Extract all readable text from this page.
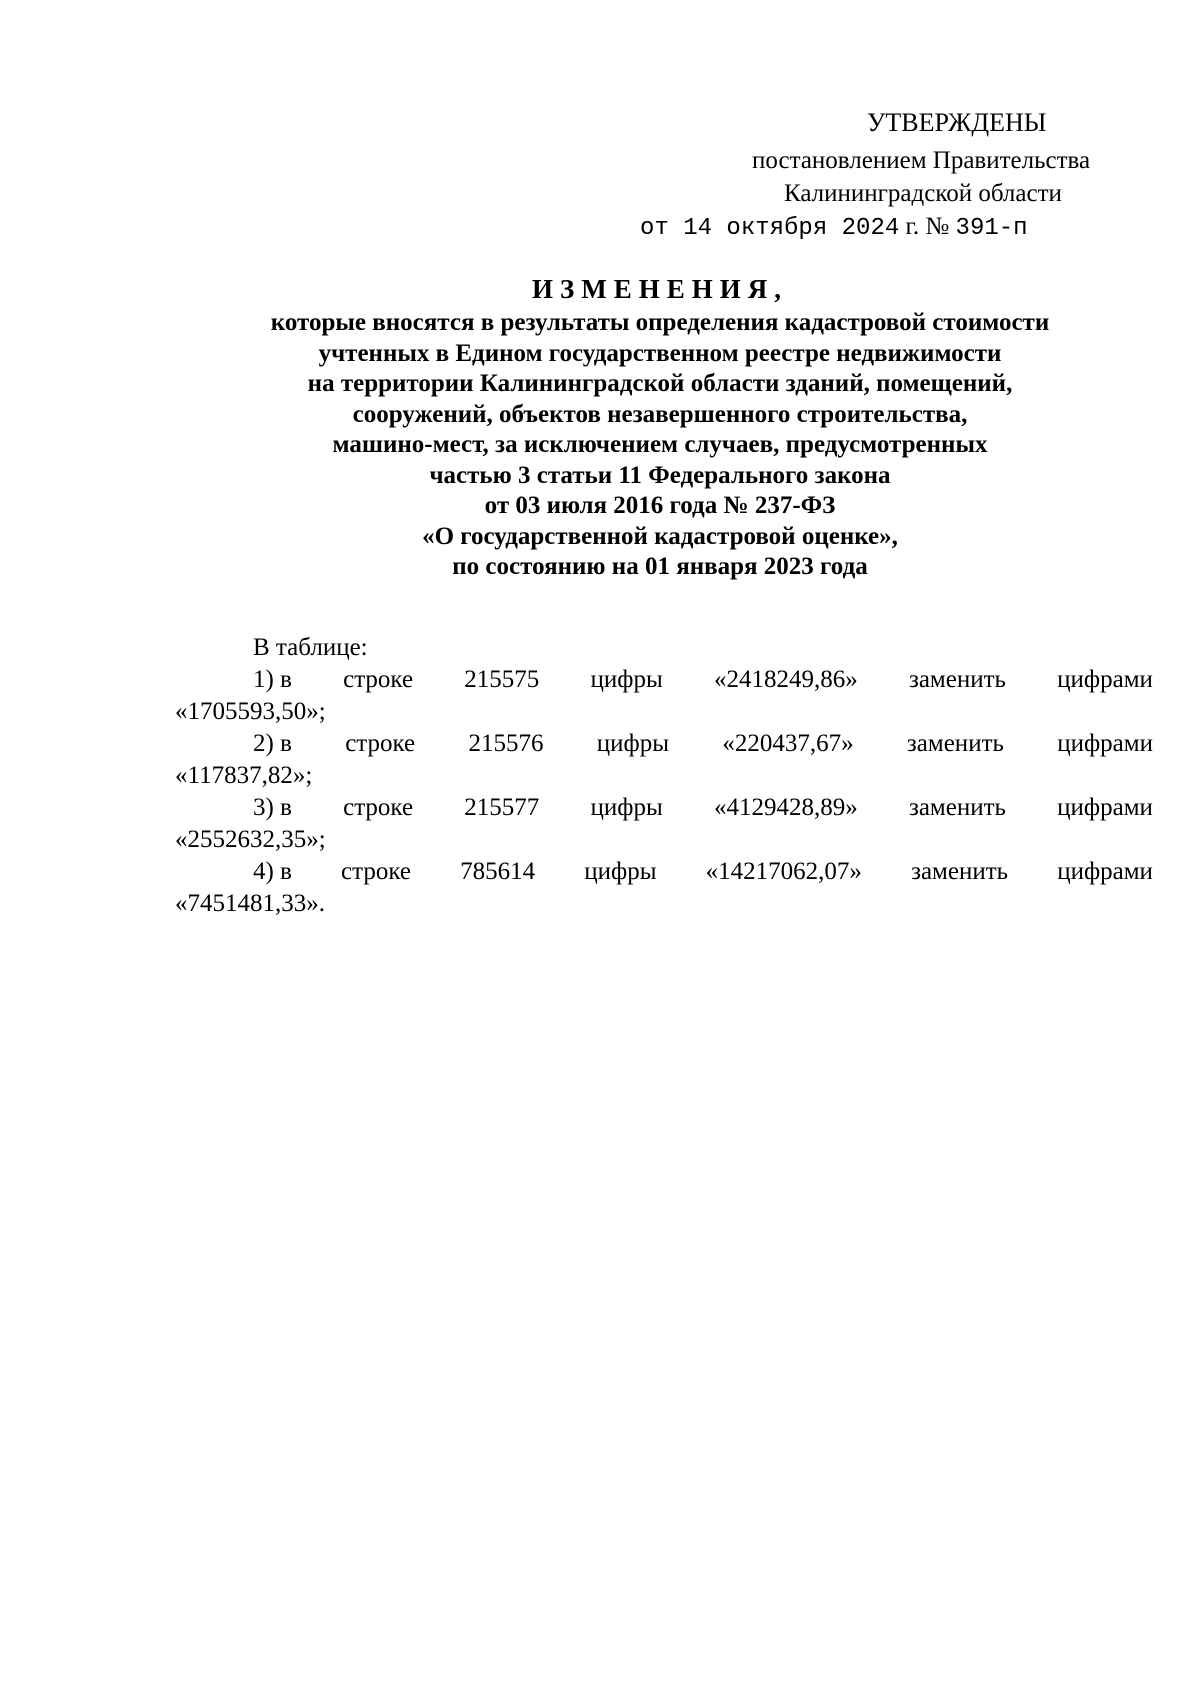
УТВЕРЖДЕНЫ
постановлением Правительства
Калининградской области
от 14 октября 2024 г. № 391-п
ИЗМЕНЕНИЯ,
которые вносятся в результаты определения кадастровой стоимости
учтенных в Едином государственном реестре недвижимости
на территории Калининградской области зданий, помещений,
сооружений, объектов незавершенного строительства,
машино-мест, за исключением случаев, предусмотренных
частью 3 статьи 11 Федерального закона
от 03 июля 2016 года № 237-ФЗ
«О государственной кадастровой оценке»,
по состоянию на 01 января 2023 года
В таблице:
1) в строке 215575 цифры «2418249,86» заменить цифрами
«1705593,50»;
2) в строке 215576 цифры «220437,67» заменить цифрами
«117837,82»;
3) в строке 215577 цифры «4129428,89» заменить цифрами
«2552632,35»;
4) в строке 785614 цифры «14217062,07» заменить цифрами
«7451481,33».
